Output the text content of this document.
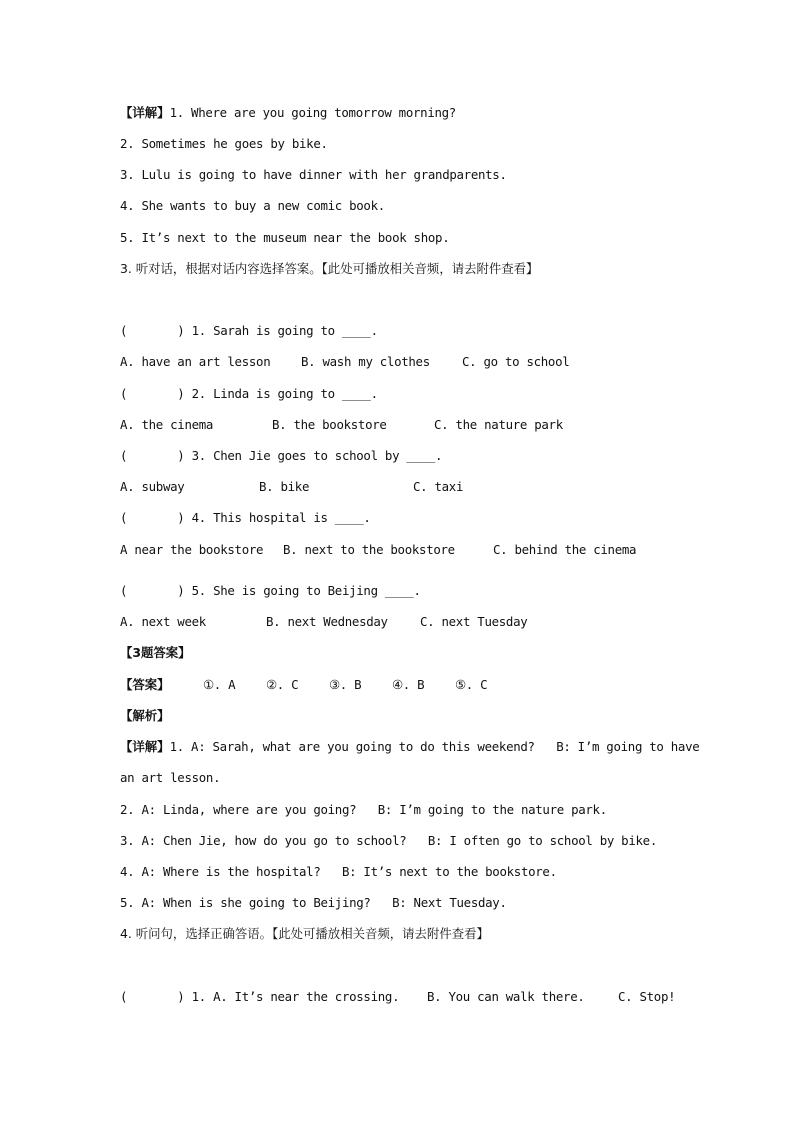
【详解】1. Where are you going tomorrow morning?
2. Sometimes he goes by bike.
3. Lulu is going to have dinner with her grandparents.
4. She wants to buy a new comic book.
5. It’s next to the museum near the book shop.
3. 听对话，根据对话内容选择答案。【此处可播放相关音频，请去附件查看】
(       ) 1. Sarah is going to ____.

A. have an art lesson

B. wash my clothes

	C. go to school

(       ) 2. Linda is going to ____.

A. the cinema

	B. the bookstore

	C. the nature park

(       ) 3. Chen Jie goes to school by ____.

A. subway

	B. bike

	C. taxi

(       ) 4. This hospital is ____.

A near the bookstore

B. next to the bookstore

	C. behind the cinema

(       ) 5. She is going to Beijing ____.

A. next week

	B. next Wednesday

	C. next Tuesday

【3题答案】

【答案】

	①. A

②. C

③. B

④. B

⑤. C

【解析】
【详解】1. A: Sarah, what are you going to do this weekend?   B: I’m going to have
an art lesson.
2. A: Linda, where are you going?   B: I’m going to the nature park.
3. A: Chen Jie, how do you go to school?   B: I often go to school by bike.
4. A: Where is the hospital?   B: It’s next to the bookstore.
5. A: When is she going to Beijing?   B: Next Tuesday.
4. 听问句，选择正确答语。【此处可播放相关音频，请去附件查看】

(       ) 1. A. It’s near the crossing.

B. You can walk there.

	C. Stop!
